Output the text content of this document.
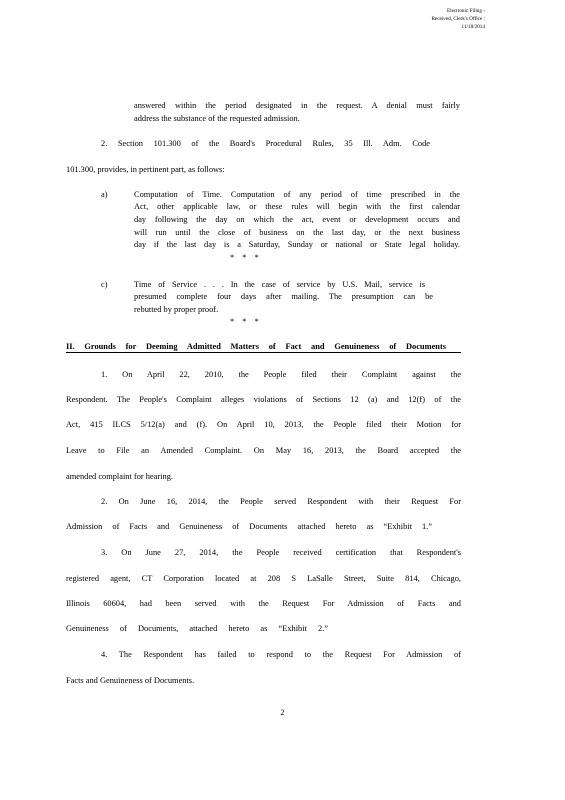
Electronic Filing -
Received, Clerk's Office :
11/18/2014
answered within the period designated in the request. A denial must fairly
address the substance of the requested admission.
2. Section 101.300 of the Board's Procedural Rules, 35 Ill. Adm. Code
101.300, provides, in pertinent part, as follows:
a)	Computation of Time. Computation of any period of time prescribed in the
Act, other applicable law, or these rules will begin with the first calendar
day following the day on which the act, event or development occurs and
will run until the close of business on the last day, or the next business
day if the last day is a Saturday, Sunday or national or State legal holiday.
* * *
c)	Time of Service . . . In the case of service by U.S. Mail, service is
presumed complete four days after mailing. The presumption can be
rebutted by proper proof.
* * *
II. Grounds for Deeming Admitted Matters of Fact and Genuineness of Documents
1. On April 22, 2010, the People filed their Complaint against the
Respondent. The People's Complaint alleges violations of Sections 12 (a) and 12(f) of the
Act, 415 ILCS 5/12(a) and (f). On April 10, 2013, the People filed their Motion for
Leave to File an Amended Complaint. On May 16, 2013, the Board accepted the
amended complaint for hearing.
2. On June 16, 2014, the People served Respondent with their Request For
Admission of Facts and Genuineness of Documents attached hereto as “Exhibit 1.”
3. On June 27, 2014, the People received certification that Respondent's
registered agent, CT Corporation located at 208 S LaSalle Street, Suite 814, Chicago,
Illinois 60604, had been served with the Request For Admission of Facts and
Genuineness of Documents, attached hereto as “Exhibit 2.”
4. The Respondent has failed to respond to the Request For Admission of
Facts and Genuineness of Documents.
2
